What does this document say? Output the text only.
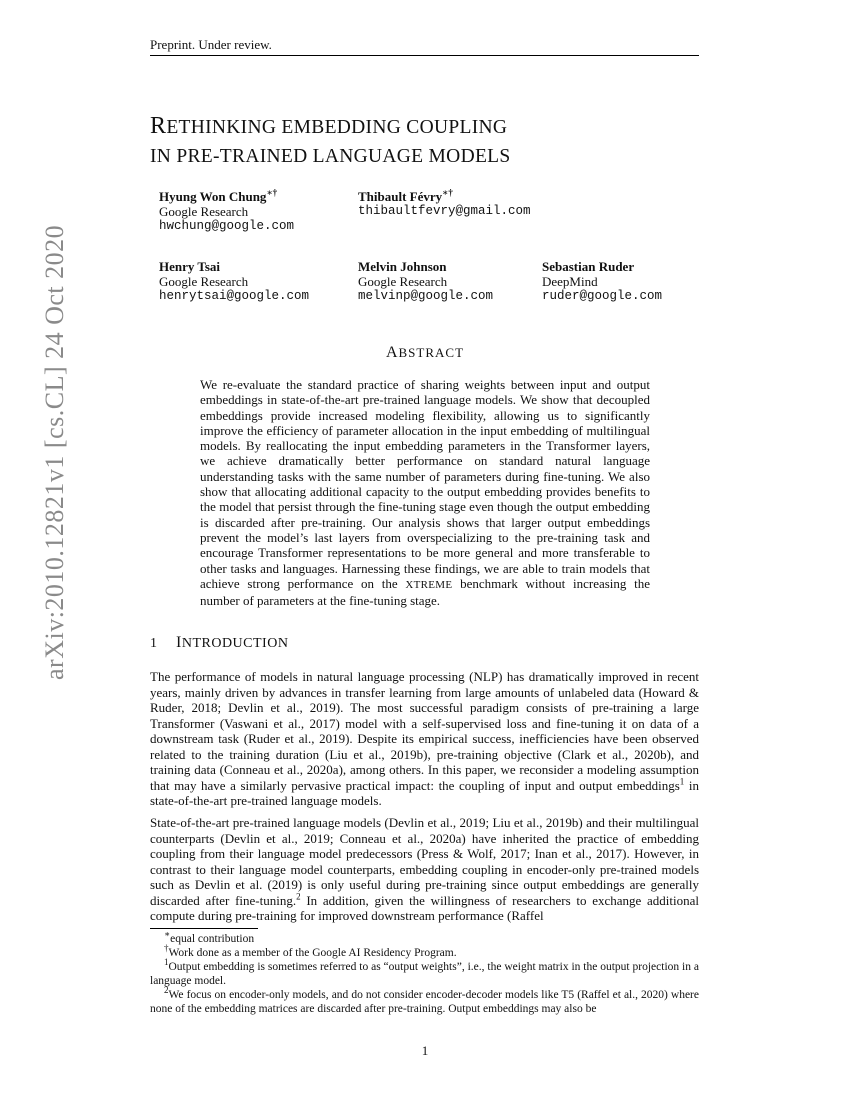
Preprint. Under review.
RETHINKING EMBEDDING COUPLING
IN PRE-TRAINED LANGUAGE MODELS
Hyung Won Chung∗†
Google Research
hwchung@google.com
Thibault Févry∗†
thibaultfevry@gmail.com
Henry Tsai
Google Research
henrytsai@google.com
Melvin Johnson
Google Research
melvinp@google.com
Sebastian Ruder
DeepMind
ruder@google.com
ABSTRACT
We re-evaluate the standard practice of sharing weights between input and output embeddings in state-of-the-art pre-trained language models. We show that decoupled embeddings provide increased modeling flexibility, allowing us to significantly improve the efficiency of parameter allocation in the input embedding of multilingual models. By reallocating the input embedding parameters in the Transformer layers, we achieve dramatically better performance on standard natural language understanding tasks with the same number of parameters during fine-tuning. We also show that allocating additional capacity to the output embedding provides benefits to the model that persist through the fine-tuning stage even though the output embedding is discarded after pre-training. Our analysis shows that larger output embeddings prevent the model’s last layers from overspecializing to the pre-training task and encourage Transformer representations to be more general and more transferable to other tasks and languages. Harnessing these findings, we are able to train models that achieve strong performance on the XTREME benchmark without increasing the number of parameters at the fine-tuning stage.
1 INTRODUCTION
The performance of models in natural language processing (NLP) has dramatically improved in recent years, mainly driven by advances in transfer learning from large amounts of unlabeled data (Howard & Ruder, 2018; Devlin et al., 2019). The most successful paradigm consists of pre-training a large Transformer (Vaswani et al., 2017) model with a self-supervised loss and fine-tuning it on data of a downstream task (Ruder et al., 2019). Despite its empirical success, inefficiencies have been observed related to the training duration (Liu et al., 2019b), pre-training objective (Clark et al., 2020b), and training data (Conneau et al., 2020a), among others. In this paper, we reconsider a modeling assumption that may have a similarly pervasive practical impact: the coupling of input and output embeddings$^1$ in state-of-the-art pre-trained language models.
State-of-the-art pre-trained language models (Devlin et al., 2019; Liu et al., 2019b) and their multilingual counterparts (Devlin et al., 2019; Conneau et al., 2020a) have inherited the practice of embedding coupling from their language model predecessors (Press & Wolf, 2017; Inan et al., 2017). However, in contrast to their language model counterparts, embedding coupling in encoder-only pre-trained models such as Devlin et al. (2019) is only useful during pre-training since output embeddings are generally discarded after fine-tuning.$^2$ In addition, given the willingness of researchers to exchange additional compute during pre-training for improved downstream performance (Raffel
∗equal contribution
†Work done as a member of the Google AI Residency Program.
$^1$Output embedding is sometimes referred to as “output weights”, i.e., the weight matrix in the output projection in a language model.
$^2$We focus on encoder-only models, and do not consider encoder-decoder models like T5 (Raffel et al., 2020) where none of the embedding matrices are discarded after pre-training. Output embeddings may also be
1
arXiv:2010.12821v1 [cs.CL] 24 Oct 2020
